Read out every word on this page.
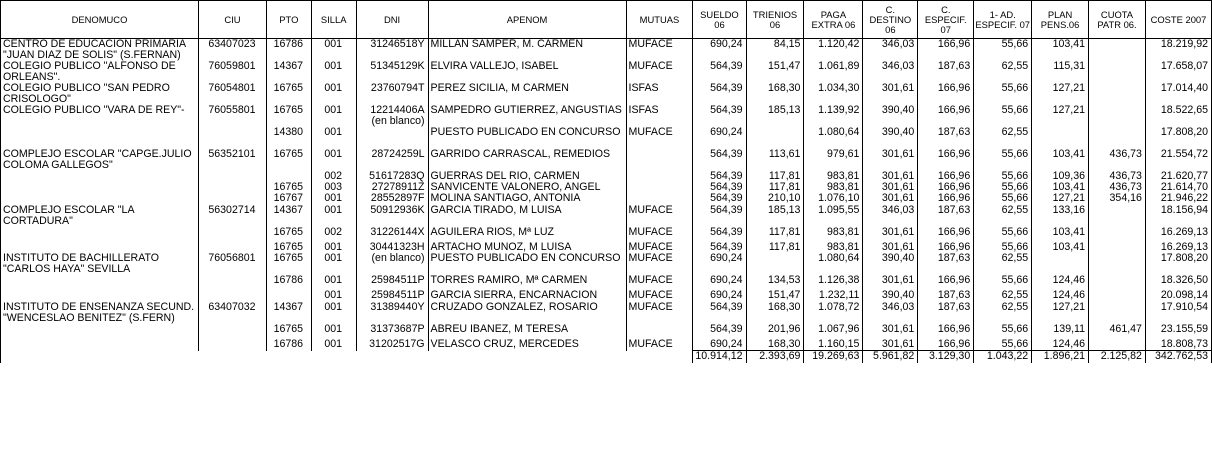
DENOMUCO	CIU	PTO	SILLA	DNI	APENOM	MUTUAS	SUELDO 06	TRIENIOS 06	PAGA EXTRA 06	C. DESTINO 06	C. ESPECIF. 07	1- AD. ESPECIF. 07	PLAN PENS.06	CUOTA PATR 06.	COSTE 2007
CENTRO DE EDUCACION PRIMARIA "JUAN DIAZ DE SOLIS" (S.FERNAN)	63407023	16786	001	31246518Y	MILLAN SAMPER, M. CARMEN	MUFACE	690,24	84,15	1.120,42	346,03	166,96	55,66	103,41		18.219,92
COLEGIO PUBLICO "ALFONSO DE ORLEANS".	76059801	14367	001	51345129K	ELVIRA VALLEJO, ISABEL	MUFACE	564,39	151,47	1.061,89	346,03	187,63	62,55	115,31		17.658,07
COLEGIO PUBLICO "SAN PEDRO CRISOLOGO"	76054801	16765	001	23760794T	PEREZ SICILIA, M CARMEN	ISFAS	564,39	168,30	1.034,30	301,61	166,96	55,66	127,21		17.014,40
COLEGIO PUBLICO "VARA DE REY"-	76055801	16765	001	12214406A (en blanco)	SAMPEDRO GUTIERREZ, ANGUSTIAS	ISFAS	564,39	185,13	1.139,92	390,40	166,96	55,66	127,21		18.522,65
		14380	001		PUESTO PUBLICADO EN CONCURSO	MUFACE	690,24		1.080,64	390,40	187,63	62,55			17.808,20
COMPLEJO ESCOLAR "CAPGE.JULIO COLOMA GALLEGOS"	56352101	16765	001	28724259L	GARRIDO CARRASCAL, REMEDIOS		564,39	113,61	979,61	301,61	166,96	55,66	103,41	436,73	21.554,72
			002	51617283Q	GUERRAS DEL RIO, CARMEN		564,39	117,81	983,81	301,61	166,96	55,66	109,36	436,73	21.620,77
		16765	003	27278911Z	SANVICENTE VALONERO, ANGEL		564,39	117,81	983,81	301,61	166,96	55,66	103,41	436,73	21.614,70
		16767	001	28552897F	MOLINA SANTIAGO, ANTONIA		564,39	210,10	1.076,10	301,61	166,96	55,66	127,21	354,16	21.946,22
COMPLEJO ESCOLAR "LA CORTADURA"	56302714	14367	001	50912936K	GARCIA TIRADO, M LUISA	MUFACE	564,39	185,13	1.095,55	346,03	187,63	62,55	133,16		18.156,94
		16765	002	31226144X	AGUILERA RIOS, Mª LUZ	MUFACE	564,39	117,81	983,81	301,61	166,96	55,66	103,41		16.269,13
		16765	001	30441323H	ARTACHO MUÑOZ, M LUISA	MUFACE	564,39	117,81	983,81	301,61	166,96	55,66	103,41		16.269,13
INSTITUTO DE BACHILLERATO "CARLOS HAYA" SEVILLA	76056801	16765	001	(en blanco)	PUESTO PUBLICADO EN CONCURSO	MUFACE	690,24		1.080,64	390,40	187,63	62,55			17.808,20
		16786	001	25984511P	TORRES RAMIRO, Mª CARMEN	MUFACE	690,24	134,53	1.126,38	301,61	166,96	55,66	124,46		18.326,50
			001	25984511P	GARCIA SIERRA, ENCARNACION	MUFACE	690,24	151,47	1.232,11	390,40	187,63	62,55	124,46		20.098,14
INSTITUTO DE ENSEÑANZA SECUND. "WENCESLAO BENITEZ" (S.FERN)	63407032	14367	001	31389440Y	CRUZADO GONZALEZ, ROSARIO	MUFACE	564,39	168,30	1.078,72	346,03	187,63	62,55	127,21		17.910,54
		16765	001	31373687P	ABREU IBAÑEZ, M TERESA		564,39	201,96	1.067,96	301,61	166,96	55,66	139,11	461,47	23.155,59
		16786	001	31202517G	VELASCO CRUZ, MERCEDES	MUFACE	690,24	168,30	1.160,15	301,61	166,96	55,66	124,46		18.808,73
							10.914,12	2.393,69	19.269,63	5.961,82	3.129,30	1.043,22	1.896,21	2.125,82	342.762,53
